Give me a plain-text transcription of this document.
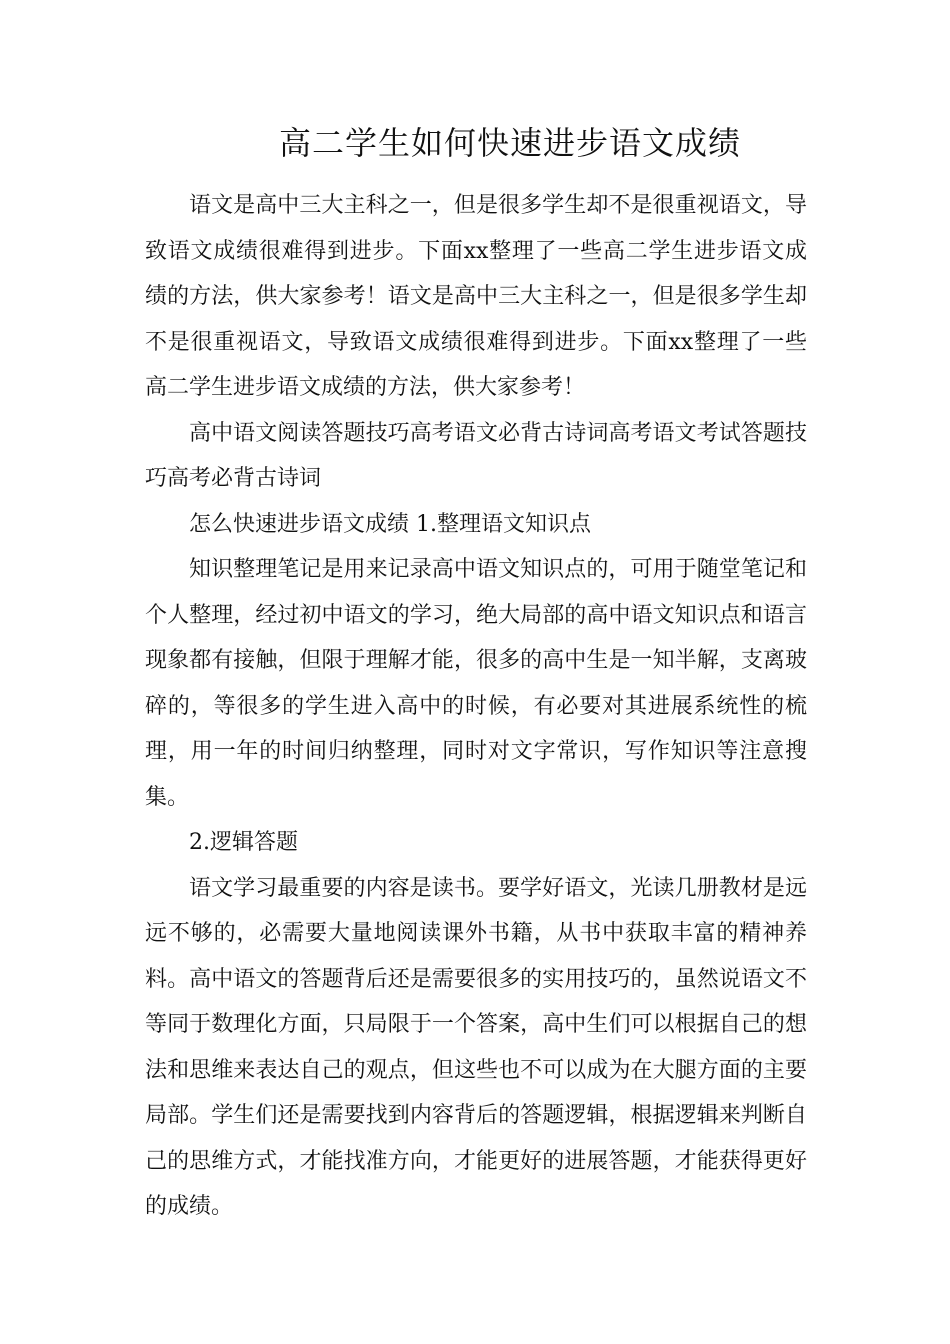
高二学生如何快速进步语文成绩

语文是高中三大主科之一，但是很多学生却不是很重视语文，导致语文成绩很难得到进步。下面xx整理了一些高二学生进步语文成绩的方法，供大家参考！语文是高中三大主科之一，但是很多学生却不是很重视语文，导致语文成绩很难得到进步。下面xx整理了一些高二学生进步语文成绩的方法，供大家参考！

高中语文阅读答题技巧高考语文必背古诗词高考语文考试答题技巧高考必背古诗词

怎么快速进步语文成绩 1.整理语文知识点

知识整理笔记是用来记录高中语文知识点的，可用于随堂笔记和个人整理，经过初中语文的学习，绝大局部的高中语文知识点和语言现象都有接触，但限于理解才能，很多的高中生是一知半解，支离玻碎的，等很多的学生进入高中的时候，有必要对其进展系统性的梳理，用一年的时间归纳整理，同时对文字常识，写作知识等注意搜集。

2.逻辑答题

语文学习最重要的内容是读书。要学好语文，光读几册教材是远远不够的，必需要大量地阅读课外书籍，从书中获取丰富的精神养料。高中语文的答题背后还是需要很多的实用技巧的，虽然说语文不等同于数理化方面，只局限于一个答案，高中生们可以根据自己的想法和思维来表达自己的观点，但这些也不可以成为在大腿方面的主要局部。学生们还是需要找到内容背后的答题逻辑，根据逻辑来判断自己的思维方式，才能找准方向，才能更好的进展答题，才能获得更好的成绩。
